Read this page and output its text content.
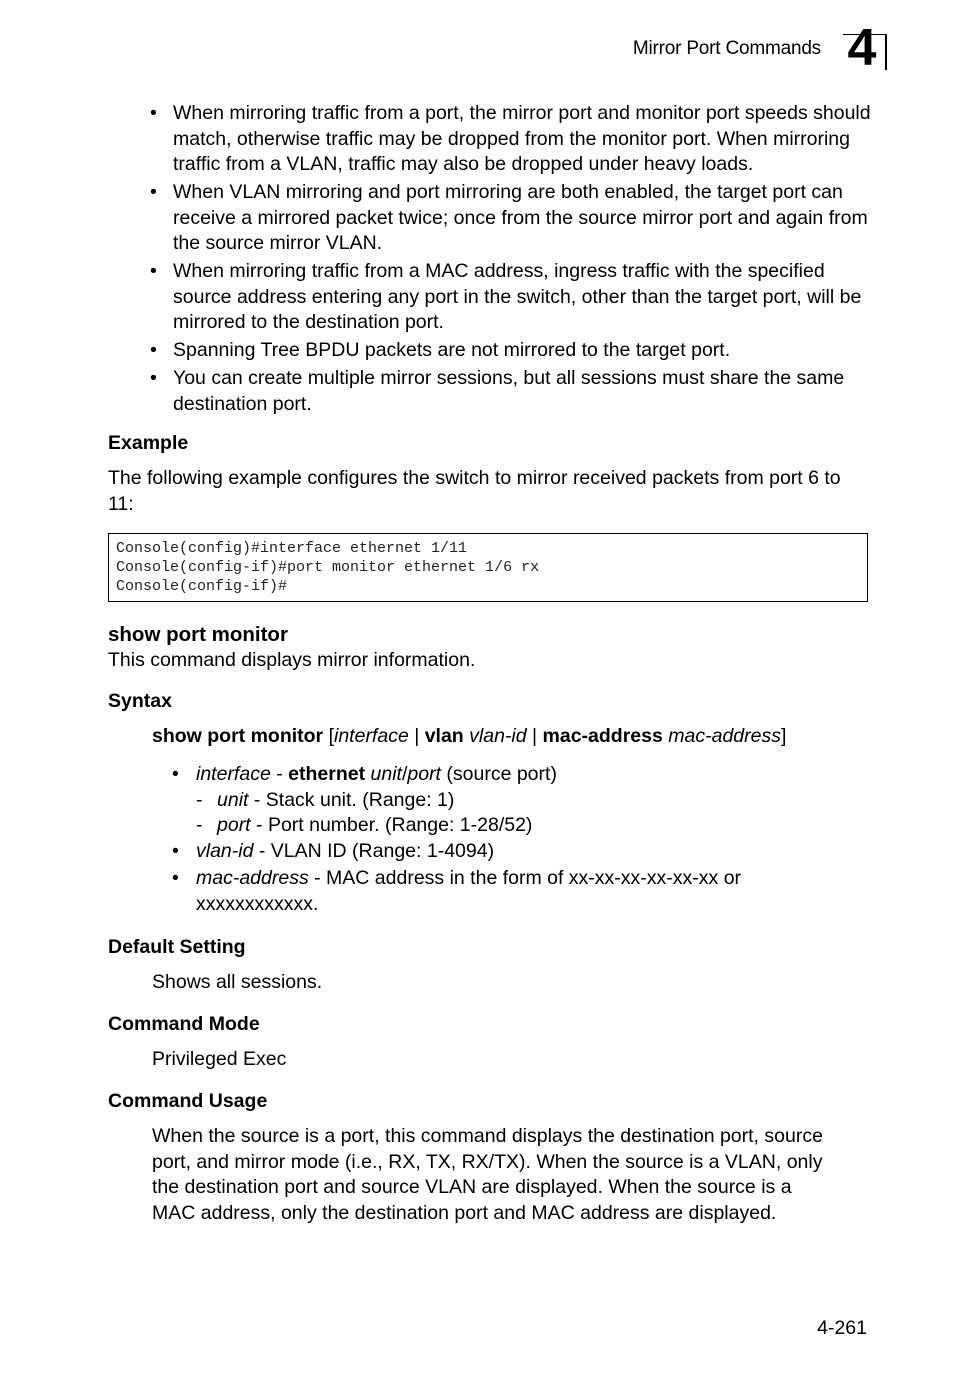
Mirror Port Commands 4
• When mirroring traffic from a port, the mirror port and monitor port speeds should match, otherwise traffic may be dropped from the monitor port. When mirroring traffic from a VLAN, traffic may also be dropped under heavy loads.
• When VLAN mirroring and port mirroring are both enabled, the target port can receive a mirrored packet twice; once from the source mirror port and again from the source mirror VLAN.
• When mirroring traffic from a MAC address, ingress traffic with the specified source address entering any port in the switch, other than the target port, will be mirrored to the destination port.
• Spanning Tree BPDU packets are not mirrored to the target port.
• You can create multiple mirror sessions, but all sessions must share the same destination port.
Example
The following example configures the switch to mirror received packets from port 6 to 11:
Console(config)#interface ethernet 1/11
Console(config-if)#port monitor ethernet 1/6 rx
Console(config-if)#
show port monitor
This command displays mirror information.
Syntax
show port monitor [interface | vlan vlan-id | mac-address mac-address]
• interface - ethernet unit/port (source port)
- unit - Stack unit. (Range: 1)
- port - Port number. (Range: 1-28/52)
• vlan-id - VLAN ID (Range: 1-4094)
• mac-address - MAC address in the form of xx-xx-xx-xx-xx-xx or
xxxxxxxxxxxx.
Default Setting
Shows all sessions.
Command Mode
Privileged Exec
Command Usage
When the source is a port, this command displays the destination port, source
port, and mirror mode (i.e., RX, TX, RX/TX). When the source is a VLAN, only
the destination port and source VLAN are displayed. When the source is a
MAC address, only the destination port and MAC address are displayed.
4-261
